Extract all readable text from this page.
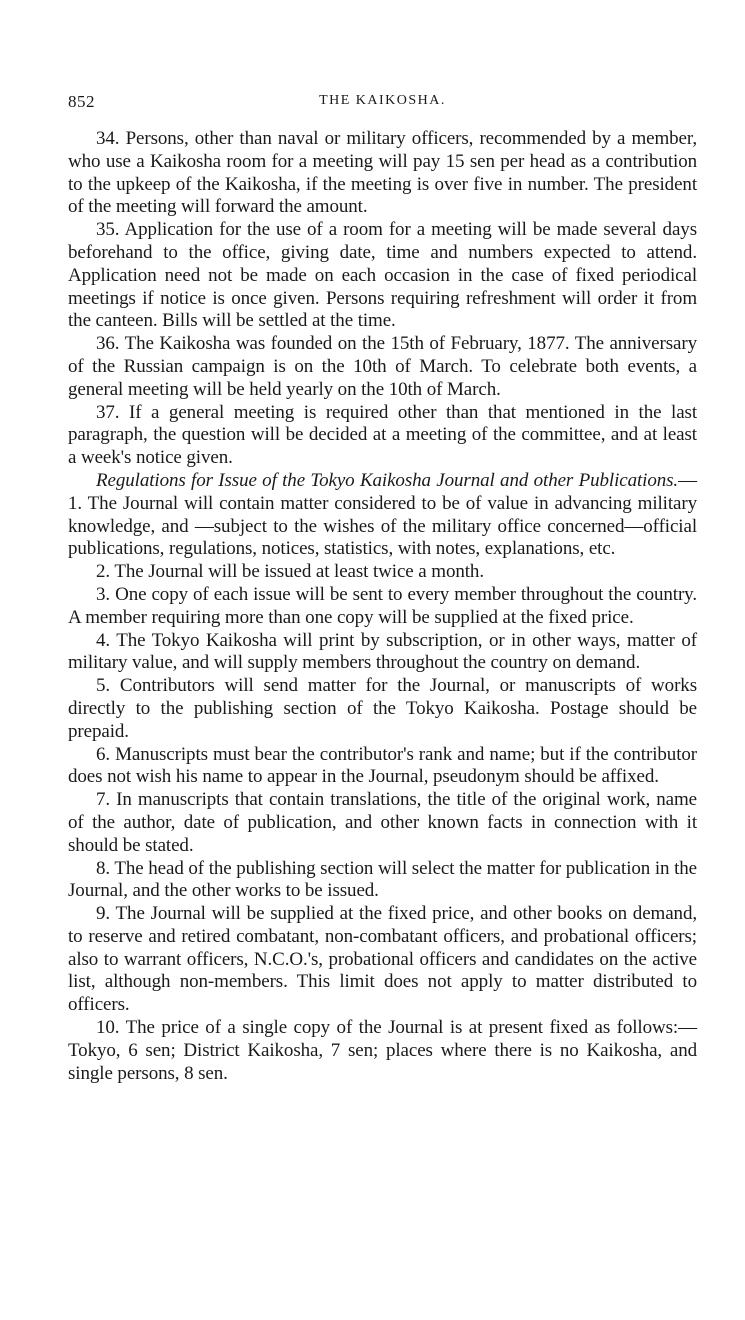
852	THE KAIKOSHA.

34. Persons, other than naval or military officers, recommended by a member, who use a Kaikosha room for a meeting will pay 15 sen per head as a contribution to the upkeep of the Kaikosha, if the meeting is over five in number. The president of the meeting will forward the amount.

35. Application for the use of a room for a meeting will be made several days beforehand to the office, giving date, time and numbers expected to attend. Application need not be made on each occasion in the case of fixed periodical meetings if notice is once given. Persons requiring refreshment will order it from the canteen. Bills will be settled at the time.

36. The Kaikosha was founded on the 15th of February, 1877. The anniversary of the Russian campaign is on the 10th of March. To celebrate both events, a general meeting will be held yearly on the 10th of March.

37. If a general meeting is required other than that mentioned in the last paragraph, the question will be decided at a meeting of the committee, and at least a week's notice given.

Regulations for Issue of the Tokyo Kaikosha Journal and other Publications.—1. The Journal will contain matter considered to be of value in advancing military knowledge, and —subject to the wishes of the military office concerned—official publications, regulations, notices, statistics, with notes, explanations, etc.

2. The Journal will be issued at least twice a month.

3. One copy of each issue will be sent to every member throughout the country. A member requiring more than one copy will be supplied at the fixed price.

4. The Tokyo Kaikosha will print by subscription, or in other ways, matter of military value, and will supply members throughout the country on demand.

5. Contributors will send matter for the Journal, or manuscripts of works directly to the publishing section of the Tokyo Kaikosha. Postage should be prepaid.

6. Manuscripts must bear the contributor's rank and name; but if the contributor does not wish his name to appear in the Journal, pseudonym should be affixed.

7. In manuscripts that contain translations, the title of the original work, name of the author, date of publication, and other known facts in connection with it should be stated.

8. The head of the publishing section will select the matter for publication in the Journal, and the other works to be issued.

9. The Journal will be supplied at the fixed price, and other books on demand, to reserve and retired combatant, non-combatant officers, and probational officers; also to warrant officers, N.C.O.'s, probational officers and candidates on the active list, although non-members. This limit does not apply to matter distributed to officers.

10. The price of a single copy of the Journal is at present fixed as follows:—Tokyo, 6 sen; District Kaikosha, 7 sen; places where there is no Kaikosha, and single persons, 8 sen.
